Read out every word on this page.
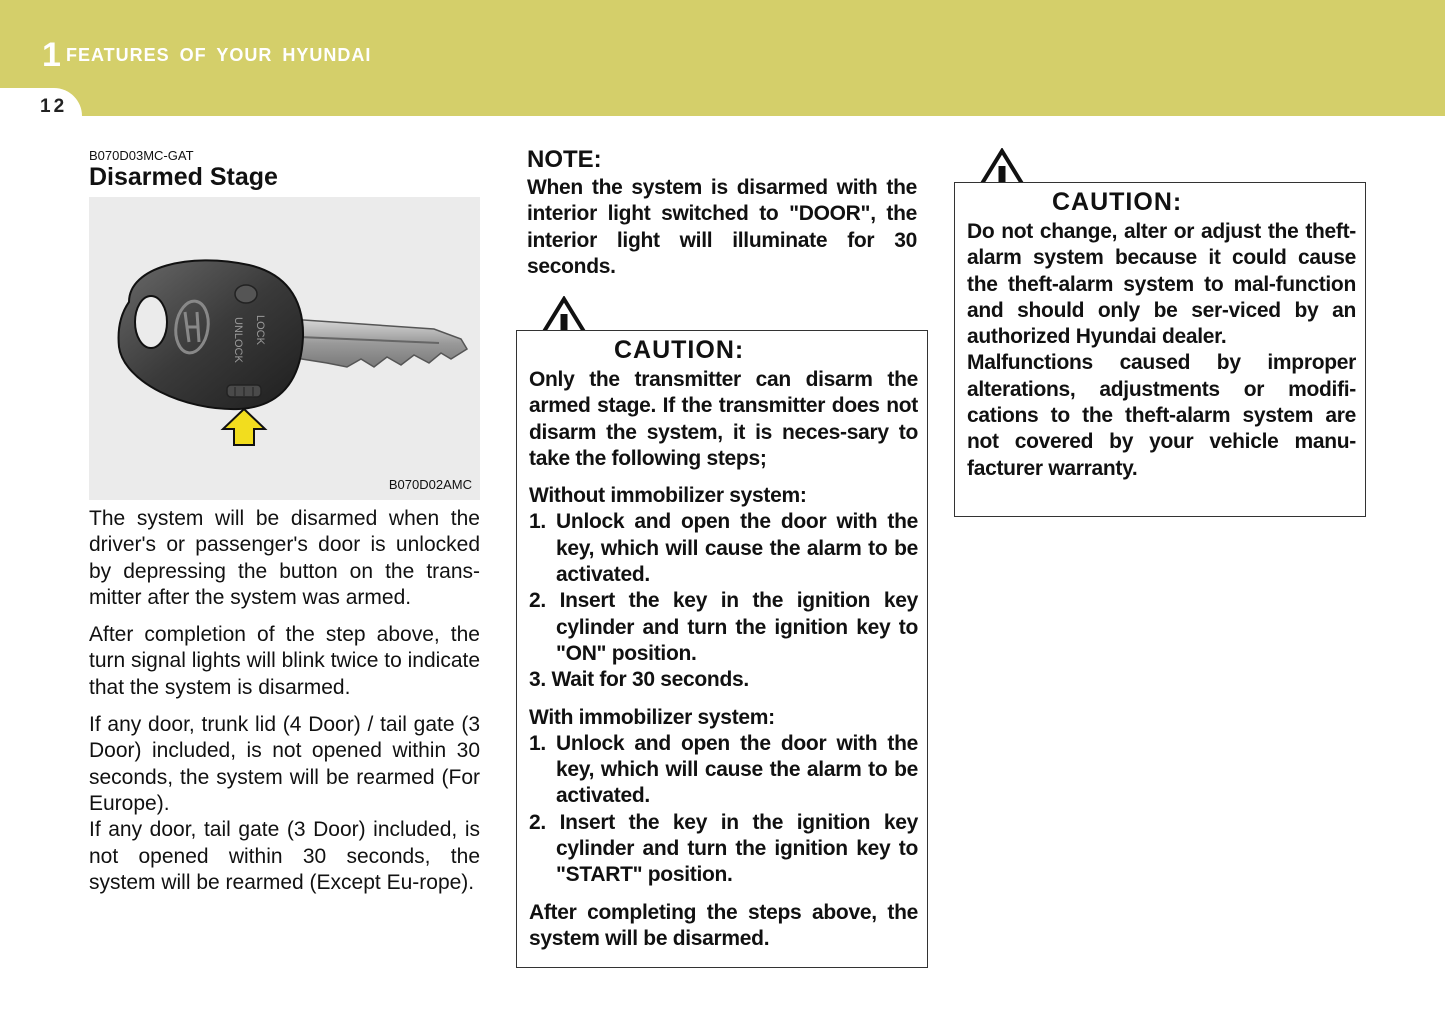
1 FEATURES OF YOUR HYUNDAI
12
B070D03MC-GAT
Disarmed Stage
LOCK
UNLOCK
B070D02AMC

The system will be disarmed when the driver's or passenger's door is unlocked by depressing the button on the trans-mitter after the system was armed.

After completion of the step above, the turn signal lights will blink twice to indicate that the system is disarmed.

If any door, trunk lid (4 Door) / tail gate (3 Door) included, is not opened within 30 seconds, the system will be rearmed (For Europe).

If any door, tail gate (3 Door) included, is not opened within 30 seconds, the system will be rearmed (Except Eu-rope).

NOTE:
When the system is disarmed with the interior light switched to "DOOR", the interior light will illuminate for 30 seconds.

Only the transmitter can disarm the armed stage. If the transmitter does not disarm the system, it is neces-sary to take the following steps;

Without immobilizer system:

1. Unlock and open the door with the key, which will cause the alarm to be activated.
2. Insert the key in the ignition key cylinder and turn the ignition key to "ON" position.
3. Wait for 30 seconds.

With immobilizer system:

1. Unlock and open the door with the key, which will cause the alarm to be activated.
2. Insert the key in the ignition key cylinder and turn the ignition key to "START" position.

After completing the steps above, the system will be disarmed.

CAUTION:

Do not change, alter or adjust the theft-alarm system because it could cause the theft-alarm system to mal-function and should only be ser-viced by an authorized Hyundai dealer.

Malfunctions caused by improper alterations, adjustments or modifi-cations to the theft-alarm system are not covered by your vehicle manu-facturer warranty.

CAUTION:
